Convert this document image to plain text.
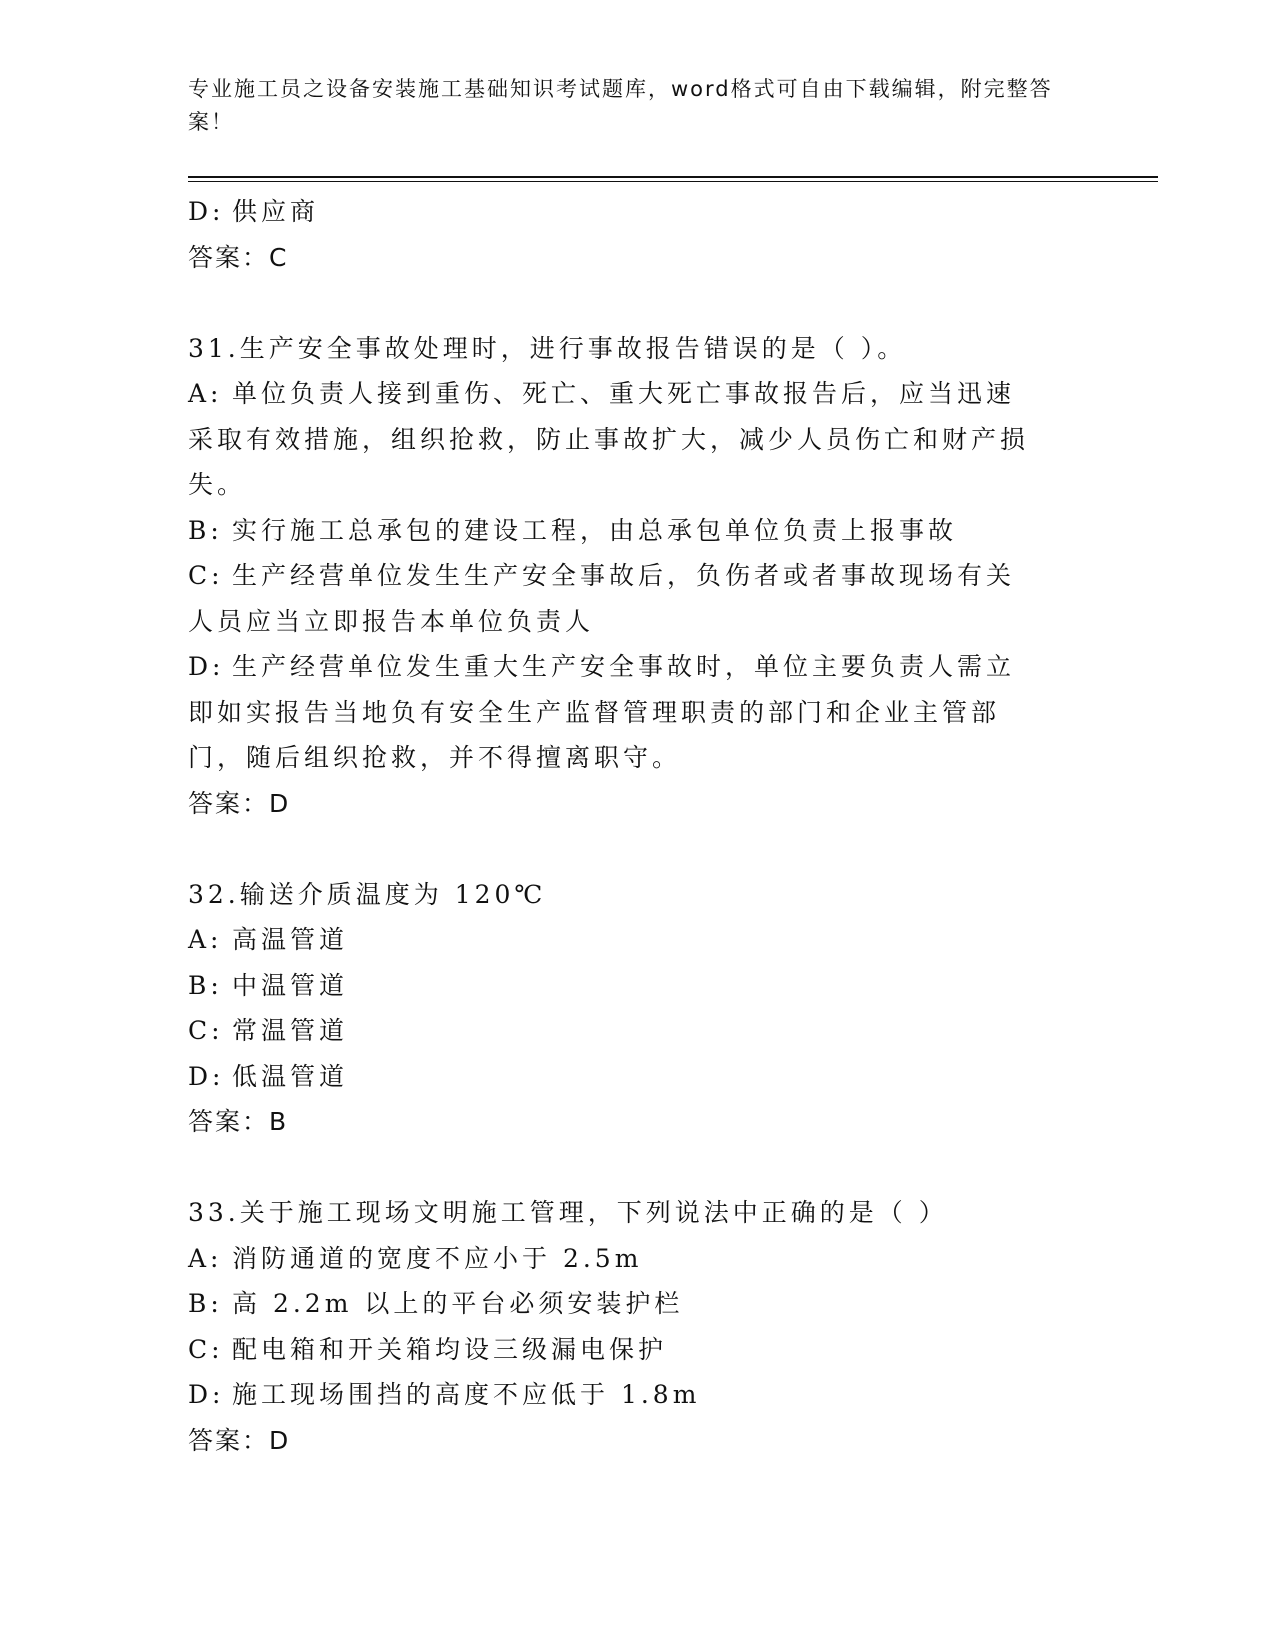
专业施工员之设备安装施工基础知识考试题库，word格式可自由下载编辑，附完整答案！
D: 供应商
答案：C
31.生产安全事故处理时，进行事故报告错误的是（ ）。
A: 单位负责人接到重伤、死亡、重大死亡事故报告后，应当迅速采取有效措施，组织抢救，防止事故扩大，减少人员伤亡和财产损失。
B: 实行施工总承包的建设工程，由总承包单位负责上报事故
C: 生产经营单位发生生产安全事故后，负伤者或者事故现场有关人员应当立即报告本单位负责人
D: 生产经营单位发生重大生产安全事故时，单位主要负责人需立即如实报告当地负有安全生产监督管理职责的部门和企业主管部门，随后组织抢救，并不得擅离职守。
答案：D
32.输送介质温度为 120℃
A: 高温管道
B: 中温管道
C: 常温管道
D: 低温管道
答案：B
33.关于施工现场文明施工管理，下列说法中正确的是（ ）
A: 消防通道的宽度不应小于 2.5m
B: 高 2.2m 以上的平台必须安装护栏
C: 配电箱和开关箱均设三级漏电保护
D: 施工现场围挡的高度不应低于 1.8m
答案：D
